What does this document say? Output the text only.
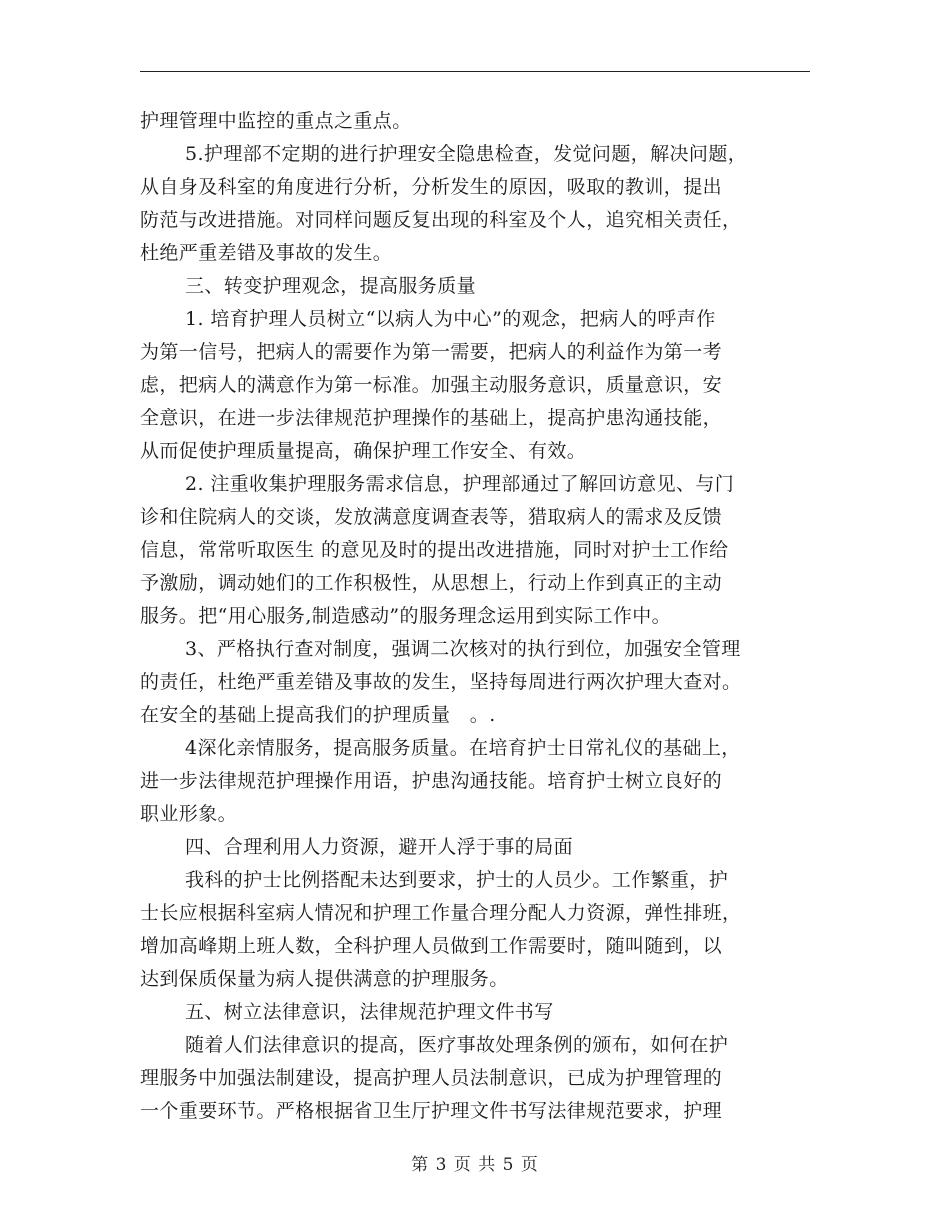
护理管理中监控的重点之重点。
5.护理部不定期的进行护理安全隐患检查，发觉问题，解决问题，
从自身及科室的角度进行分析，分析发生的原因，吸取的教训，提出
防范与改进措施。对同样问题反复出现的科室及个人，追究相关责任，
杜绝严重差错及事故的发生。
三、转变护理观念，提高服务质量
1. 培育护理人员树立“以病人为中心”的观念，把病人的呼声作
为第一信号，把病人的需要作为第一需要，把病人的利益作为第一考
虑，把病人的满意作为第一标准。加强主动服务意识，质量意识，安
全意识，在进一步法律规范护理操作的基础上，提高护患沟通技能，
从而促使护理质量提高，确保护理工作安全、有效。
2. 注重收集护理服务需求信息，护理部通过了解回访意见、与门
诊和住院病人的交谈，发放满意度调查表等，猎取病人的需求及反馈
信息，常常听取医生 的意见及时的提出改进措施，同时对护士工作给
予激励，调动她们的工作积极性，从思想上，行动上作到真正的主动
服务。把“用心服务,制造感动”的服务理念运用到实际工作中。
3、严格执行查对制度，强调二次核对的执行到位，加强安全管理
的责任，杜绝严重差错及事故的发生，坚持每周进行两次护理大查对。
在安全的基础上提高我们的护理质量　。.
4深化亲情服务，提高服务质量。在培育护士日常礼仪的基础上，
进一步法律规范护理操作用语，护患沟通技能。培育护士树立良好的
职业形象。
四、合理利用人力资源，避开人浮于事的局面
我科的护士比例搭配未达到要求，护士的人员少。工作繁重，护
士长应根据科室病人情况和护理工作量合理分配人力资源，弹性排班，
增加高峰期上班人数，全科护理人员做到工作需要时，随叫随到，以
达到保质保量为病人提供满意的护理服务。
五、树立法律意识，法律规范护理文件书写
随着人们法律意识的提高，医疗事故处理条例的颁布，如何在护
理服务中加强法制建设，提高护理人员法制意识，已成为护理管理的
一个重要环节。严格根据省卫生厅护理文件书写法律规范要求，护理
第 3 页 共 5 页
